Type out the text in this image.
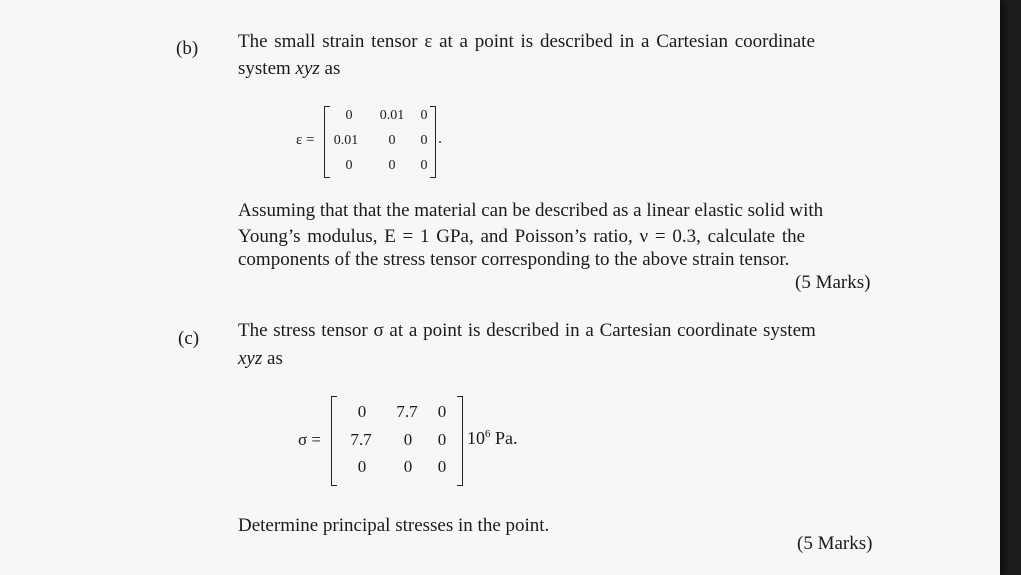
(b) The small strain tensor ε at a point is described in a Cartesian coordinate
system xyz as
ε =
0	0.01	0
0.01	0	0
0	0	0
.
Assuming that that the material can be described as a linear elastic solid with
Young’s modulus, E = 1 GPa, and Poisson’s ratio, ν = 0.3, calculate the
components of the stress tensor corresponding to the above strain tensor.
(5 Marks)
(c) The stress tensor σ at a point is described in a Cartesian coordinate system
xyz as
σ =
0	7.7	0
7.7	0	0
0	0	0
$10^6$ Pa.
Determine principal stresses in the point.
(5 Marks)
